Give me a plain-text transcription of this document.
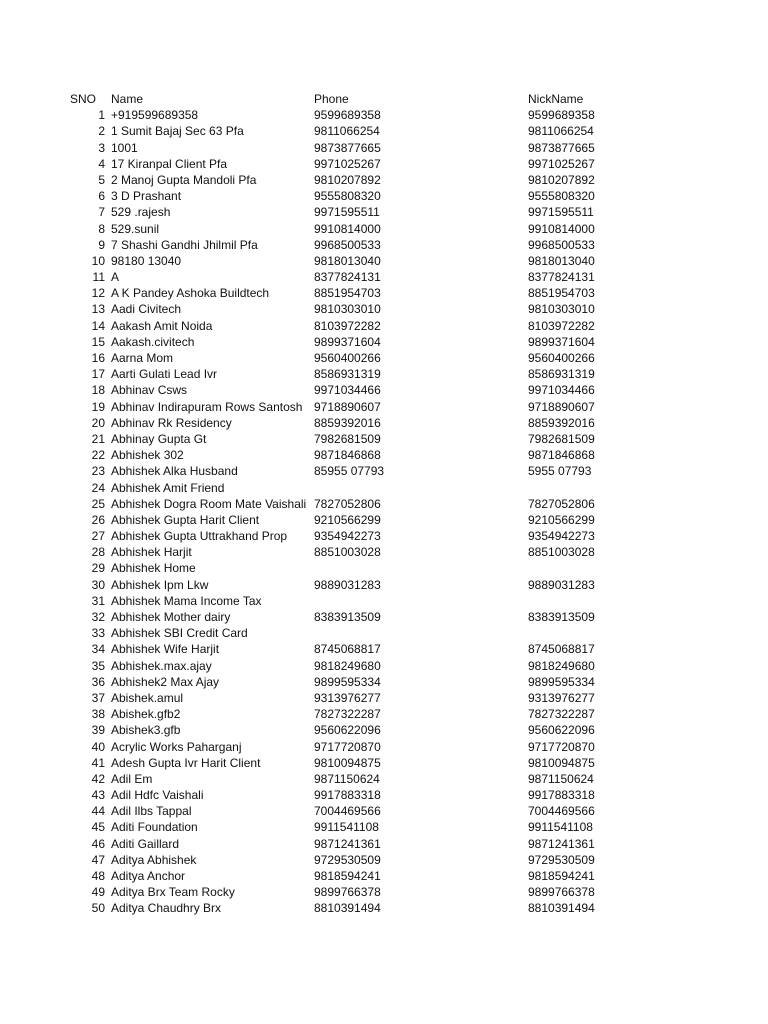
SNO Name	Phone	NickName
1 +919599689358	9599689358	9599689358
2 1 Sumit Bajaj Sec 63 Pfa	9811066254	9811066254
3 1001	9873877665	9873877665
4 17 Kiranpal Client Pfa	9971025267	9971025267
5 2 Manoj Gupta Mandoli Pfa	9810207892	9810207892
6 3 D Prashant	9555808320	9555808320
7 529 .rajesh	9971595511	9971595511
8 529.sunil	9910814000	9910814000
9 7 Shashi Gandhi Jhilmil Pfa	9968500533	9968500533
10 98180 13040	9818013040	9818013040
11 A	8377824131	8377824131
12 A K Pandey Ashoka Buildtech	8851954703	8851954703
13 Aadi Civitech	9810303010	9810303010
14 Aakash Amit Noida	8103972282	8103972282
15 Aakash.civitech	9899371604	9899371604
16 Aarna Mom	9560400266	9560400266
17 Aarti Gulati Lead Ivr	8586931319	8586931319
18 Abhinav Csws	9971034466	9971034466
19 Abhinav Indirapuram Rows Santosh 9718890607	9718890607
20 Abhinav Rk Residency	8859392016	8859392016
21 Abhinay Gupta Gt	7982681509	7982681509
22 Abhishek 302	9871846868	9871846868
23 Abhishek Alka Husband	85955 07793	5955 07793
24 Abhishek Amit Friend
25 Abhishek Dogra Room Mate Vaishali 7827052806	7827052806
26 Abhishek Gupta Harit Client	9210566299	9210566299
27 Abhishek Gupta Uttrakhand Prop	9354942273	9354942273
28 Abhishek Harjit	8851003028	8851003028
29 Abhishek Home
30 Abhishek Ipm Lkw	9889031283	9889031283
31 Abhishek Mama Income Tax
32 Abhishek Mother dairy	8383913509	8383913509
33 Abhishek SBI Credit Card
34 Abhishek Wife Harjit	8745068817	8745068817
35 Abhishek.max.ajay	9818249680	9818249680
36 Abhishek2 Max Ajay	9899595334	9899595334
37 Abishek.amul	9313976277	9313976277
38 Abishek.gfb2	7827322287	7827322287
39 Abishek3.gfb	9560622096	9560622096
40 Acrylic Works Paharganj	9717720870	9717720870
41 Adesh Gupta Ivr Harit Client	9810094875	9810094875
42 Adil Em	9871150624	9871150624
43 Adil Hdfc Vaishali	9917883318	9917883318
44 Adil Ilbs Tappal	7004469566	7004469566
45 Aditi Foundation	9911541108	9911541108
46 Aditi Gaillard	9871241361	9871241361
47 Aditya Abhishek	9729530509	9729530509
48 Aditya Anchor	9818594241	9818594241
49 Aditya Brx Team Rocky	9899766378	9899766378
50 Aditya Chaudhry Brx	8810391494	8810391494
